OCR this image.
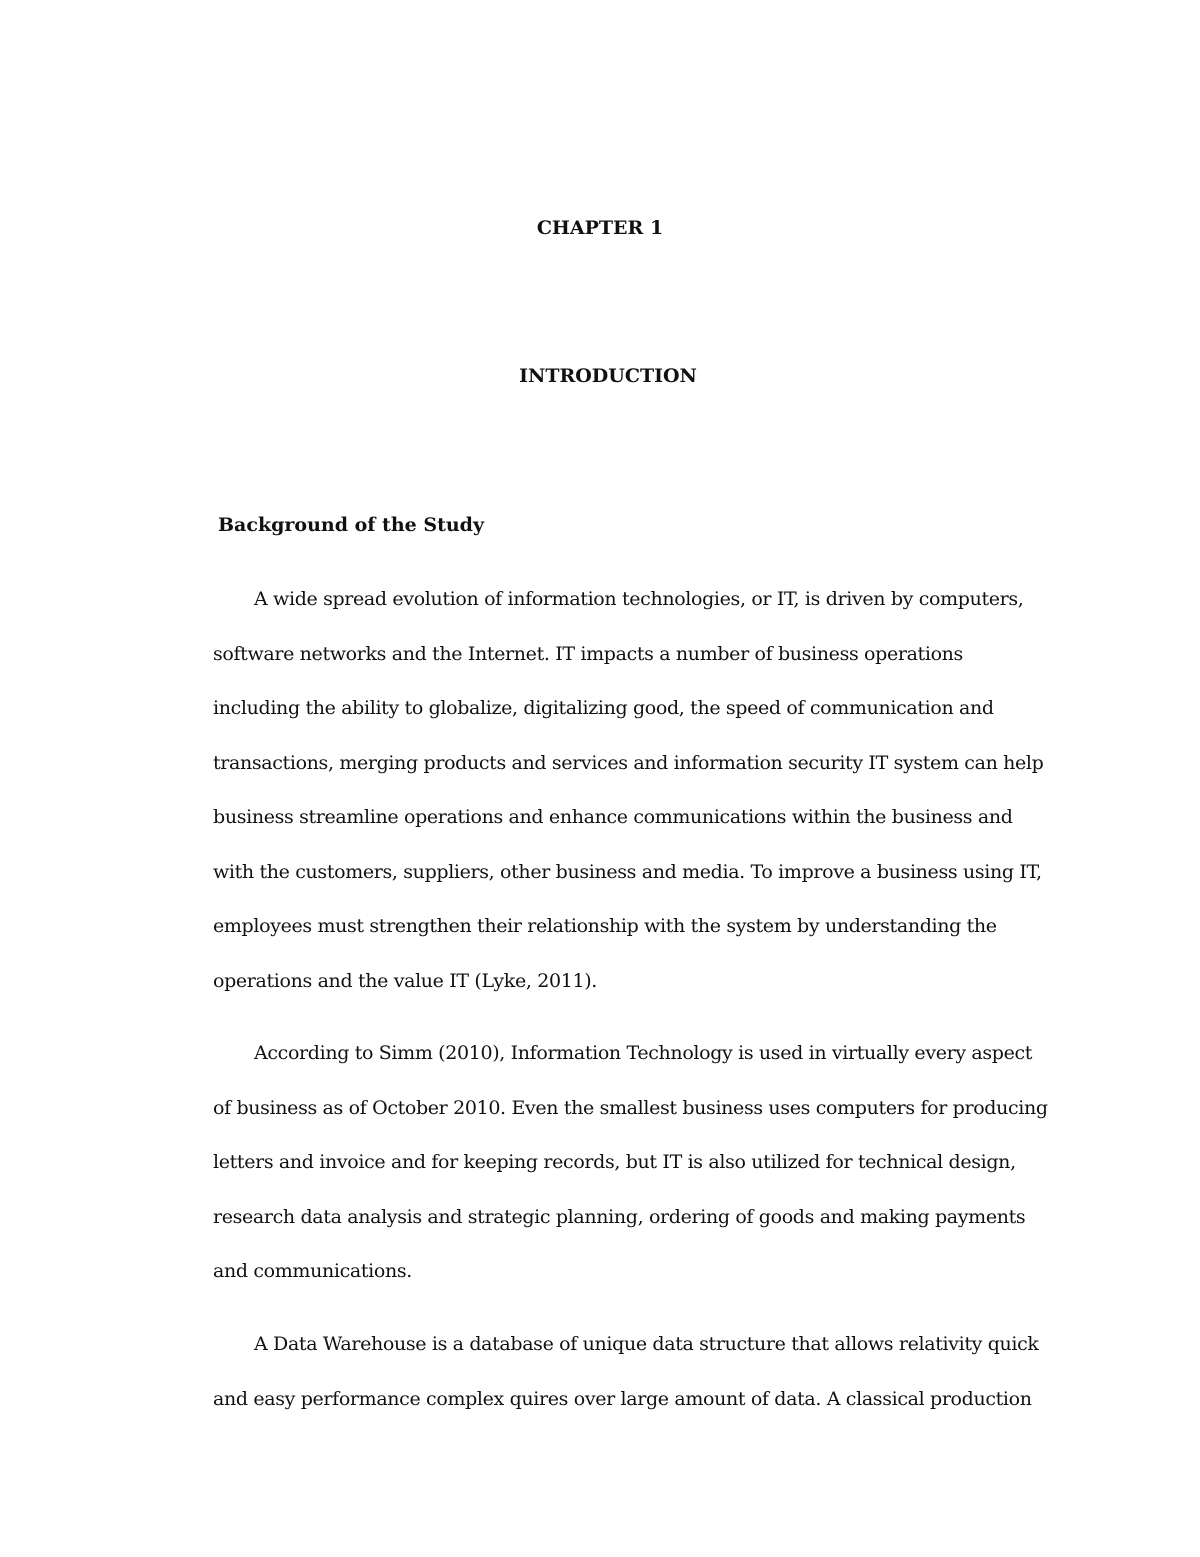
CHAPTER 1
INTRODUCTION
Background of the Study
A wide spread evolution of information technologies, or IT, is driven by computers,
software networks and the Internet. IT impacts a number of business operations
including the ability to globalize, digitalizing good, the speed of communication and
transactions, merging products and services and information security IT system can help
business streamline operations and enhance communications within the business and
with the customers, suppliers, other business and media. To improve a business using IT,
employees must strengthen their relationship with the system by understanding the
operations and the value IT (Lyke, 2011).
According to Simm (2010), Information Technology is used in virtually every aspect
of business as of October 2010. Even the smallest business uses computers for producing
letters and invoice and for keeping records, but IT is also utilized for technical design,
research data analysis and strategic planning, ordering of goods and making payments
and communications.
A Data Warehouse is a database of unique data structure that allows relativity quick
and easy performance complex quires over large amount of data. A classical production
